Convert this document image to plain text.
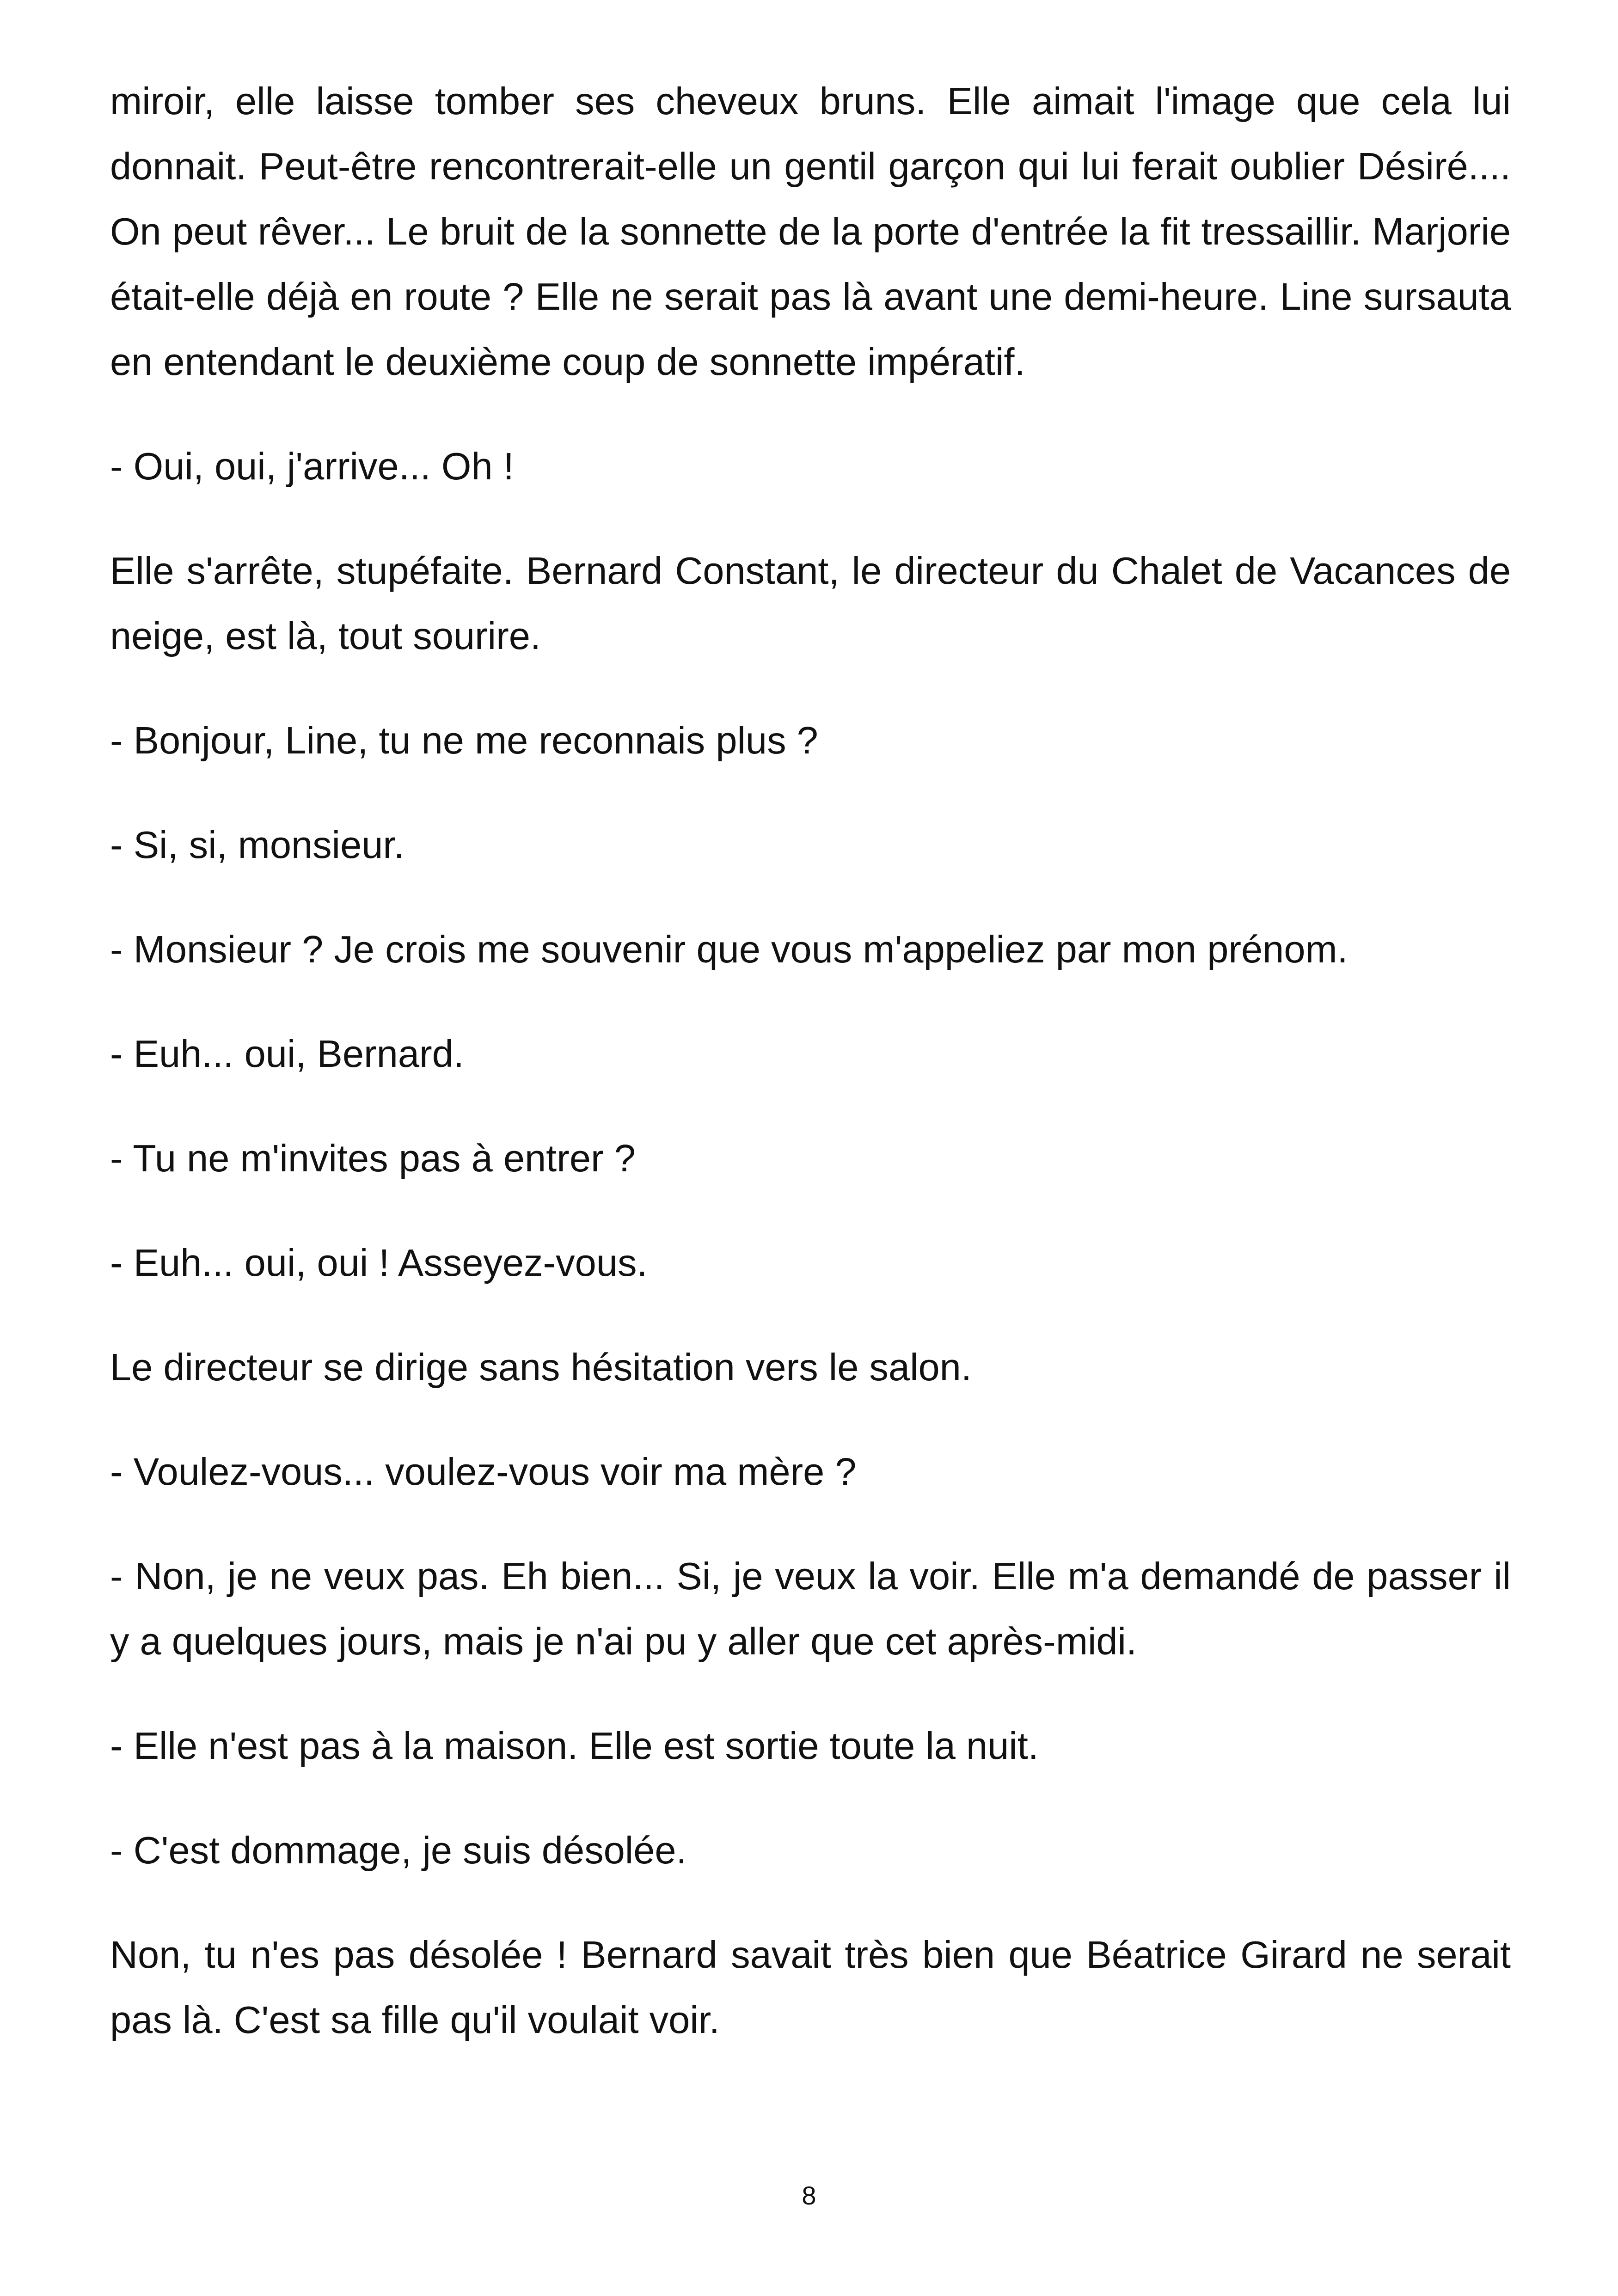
miroir, elle laisse tomber ses cheveux bruns. Elle aimait l'image que cela lui donnait. Peut-être rencontrerait-elle un gentil garçon qui lui ferait oublier Désiré.... On peut rêver... Le bruit de la sonnette de la porte d'entrée la fit tressaillir. Marjorie était-elle déjà en route ? Elle ne serait pas là avant une demi-heure. Line sursauta en entendant le deuxième coup de sonnette impératif.

- Oui, oui, j'arrive... Oh !

Elle s'arrête, stupéfaite. Bernard Constant, le directeur du Chalet de Vacances de neige, est là, tout sourire.

- Bonjour, Line, tu ne me reconnais plus ?

- Si, si, monsieur.

- Monsieur ? Je crois me souvenir que vous m'appeliez par mon prénom.

- Euh... oui, Bernard.

- Tu ne m'invites pas à entrer ?

- Euh... oui, oui ! Asseyez-vous.

Le directeur se dirige sans hésitation vers le salon.

- Voulez-vous... voulez-vous voir ma mère ?

- Non, je ne veux pas. Eh bien... Si, je veux la voir. Elle m'a demandé de passer il y a quelques jours, mais je n'ai pu y aller que cet après-midi.

- Elle n'est pas à la maison. Elle est sortie toute la nuit.

- C'est dommage, je suis désolée.

Non, tu n'es pas désolée ! Bernard savait très bien que Béatrice Girard ne serait pas là. C'est sa fille qu'il voulait voir.

8
